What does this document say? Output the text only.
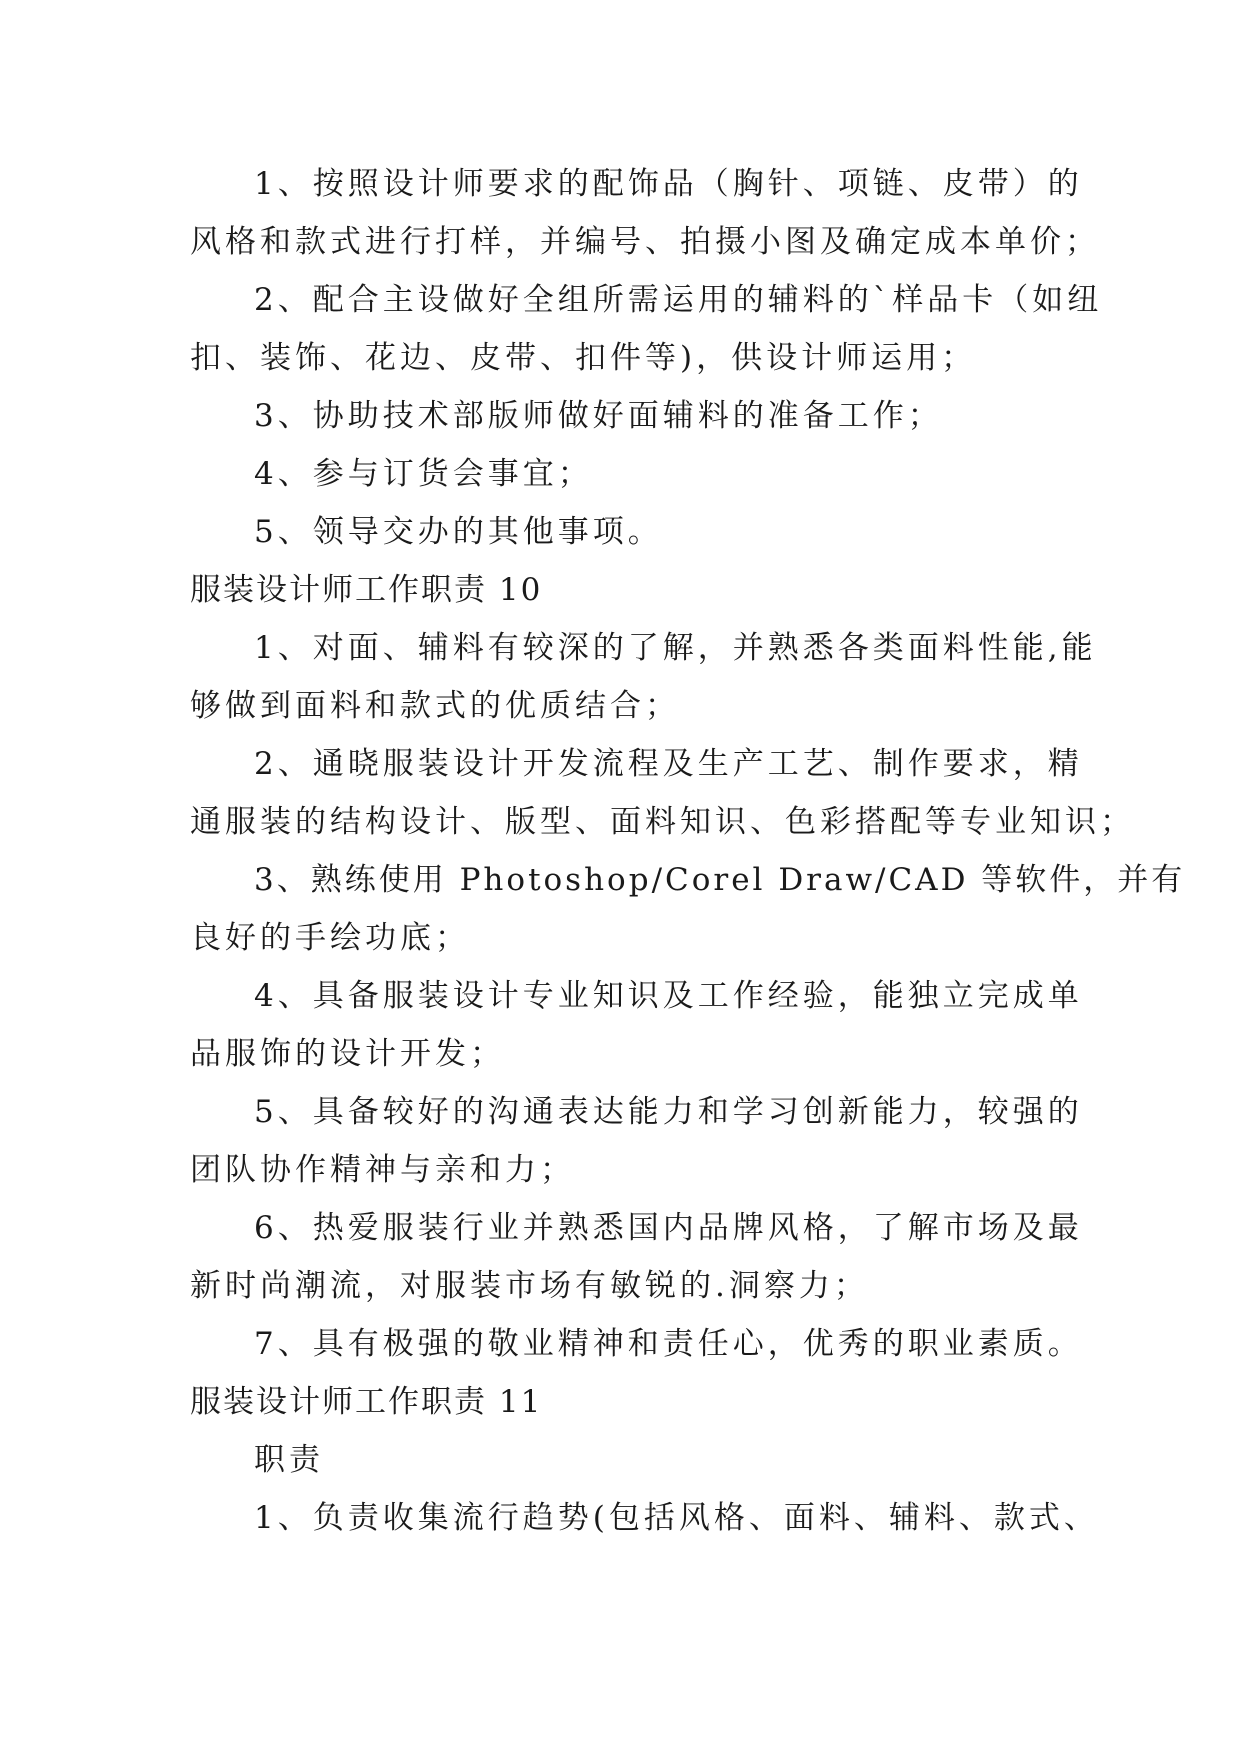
1、按照设计师要求的配饰品（胸针、项链、皮带）的
风格和款式进行打样，并编号、拍摄小图及确定成本单价；
2、配合主设做好全组所需运用的辅料的`样品卡（如纽
扣、装饰、花边、皮带、扣件等)，供设计师运用；
3、协助技术部版师做好面辅料的准备工作；
4、参与订货会事宜；
5、领导交办的其他事项。
服装设计师工作职责 10
1、对面、辅料有较深的了解，并熟悉各类面料性能,能
够做到面料和款式的优质结合；
2、通晓服装设计开发流程及生产工艺、制作要求，精
通服装的结构设计、版型、面料知识、色彩搭配等专业知识；
3、熟练使用 Photoshop/Corel Draw/CAD 等软件，并有
良好的手绘功底；
4、具备服装设计专业知识及工作经验，能独立完成单
品服饰的设计开发；
5、具备较好的沟通表达能力和学习创新能力，较强的
团队协作精神与亲和力；
6、热爱服装行业并熟悉国内品牌风格，了解市场及最
新时尚潮流，对服装市场有敏锐的.洞察力；
7、具有极强的敬业精神和责任心，优秀的职业素质。
服装设计师工作职责 11
职责
1、负责收集流行趋势(包括风格、面料、辅料、款式、
